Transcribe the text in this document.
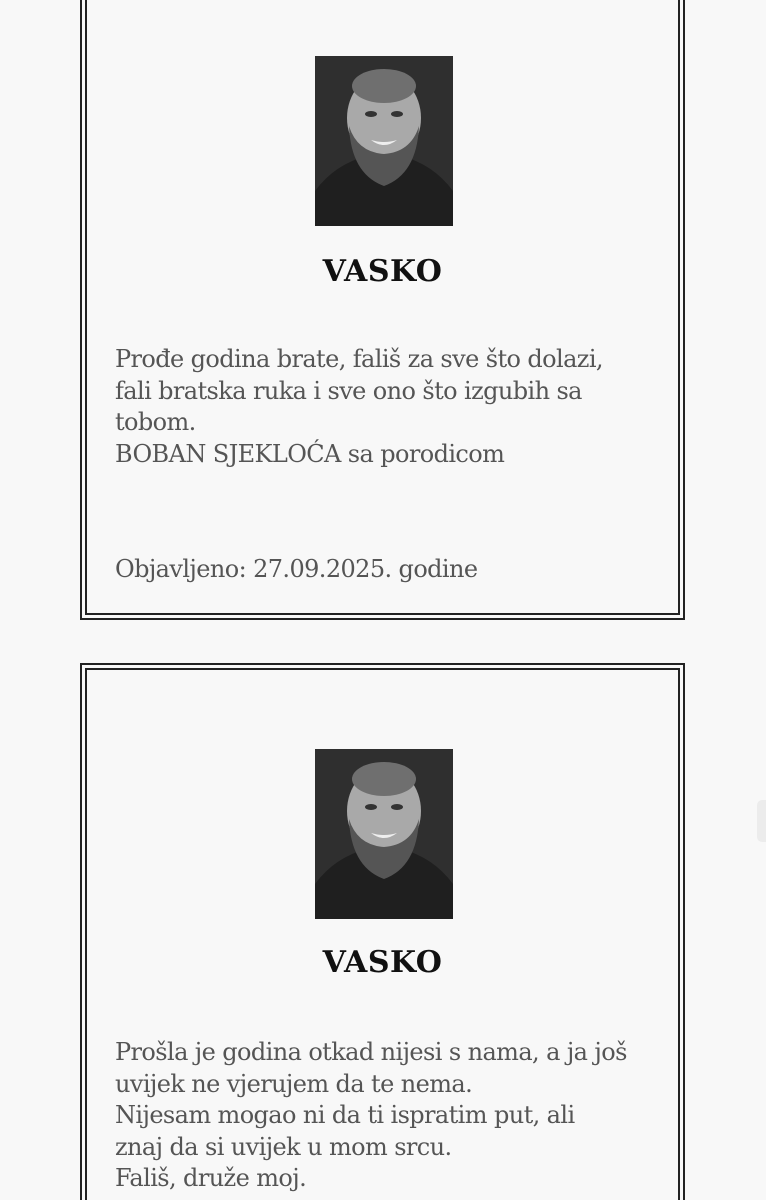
VASKO
Prođe godina brate, fališ za sve što dolazi,
fali bratska ruka i sve ono što izgubih sa
tobom.
BOBAN SJEKLOĆA sa porodicom
Objavljeno: 27.09.2025. godine
VASKO
Prošla je godina otkad nijesi s nama, a ja još
uvijek ne vjerujem da te nema.
Nijesam mogao ni da ti ispratim put, ali
znaj da si uvijek u mom srcu.
Fališ, druže moj.
